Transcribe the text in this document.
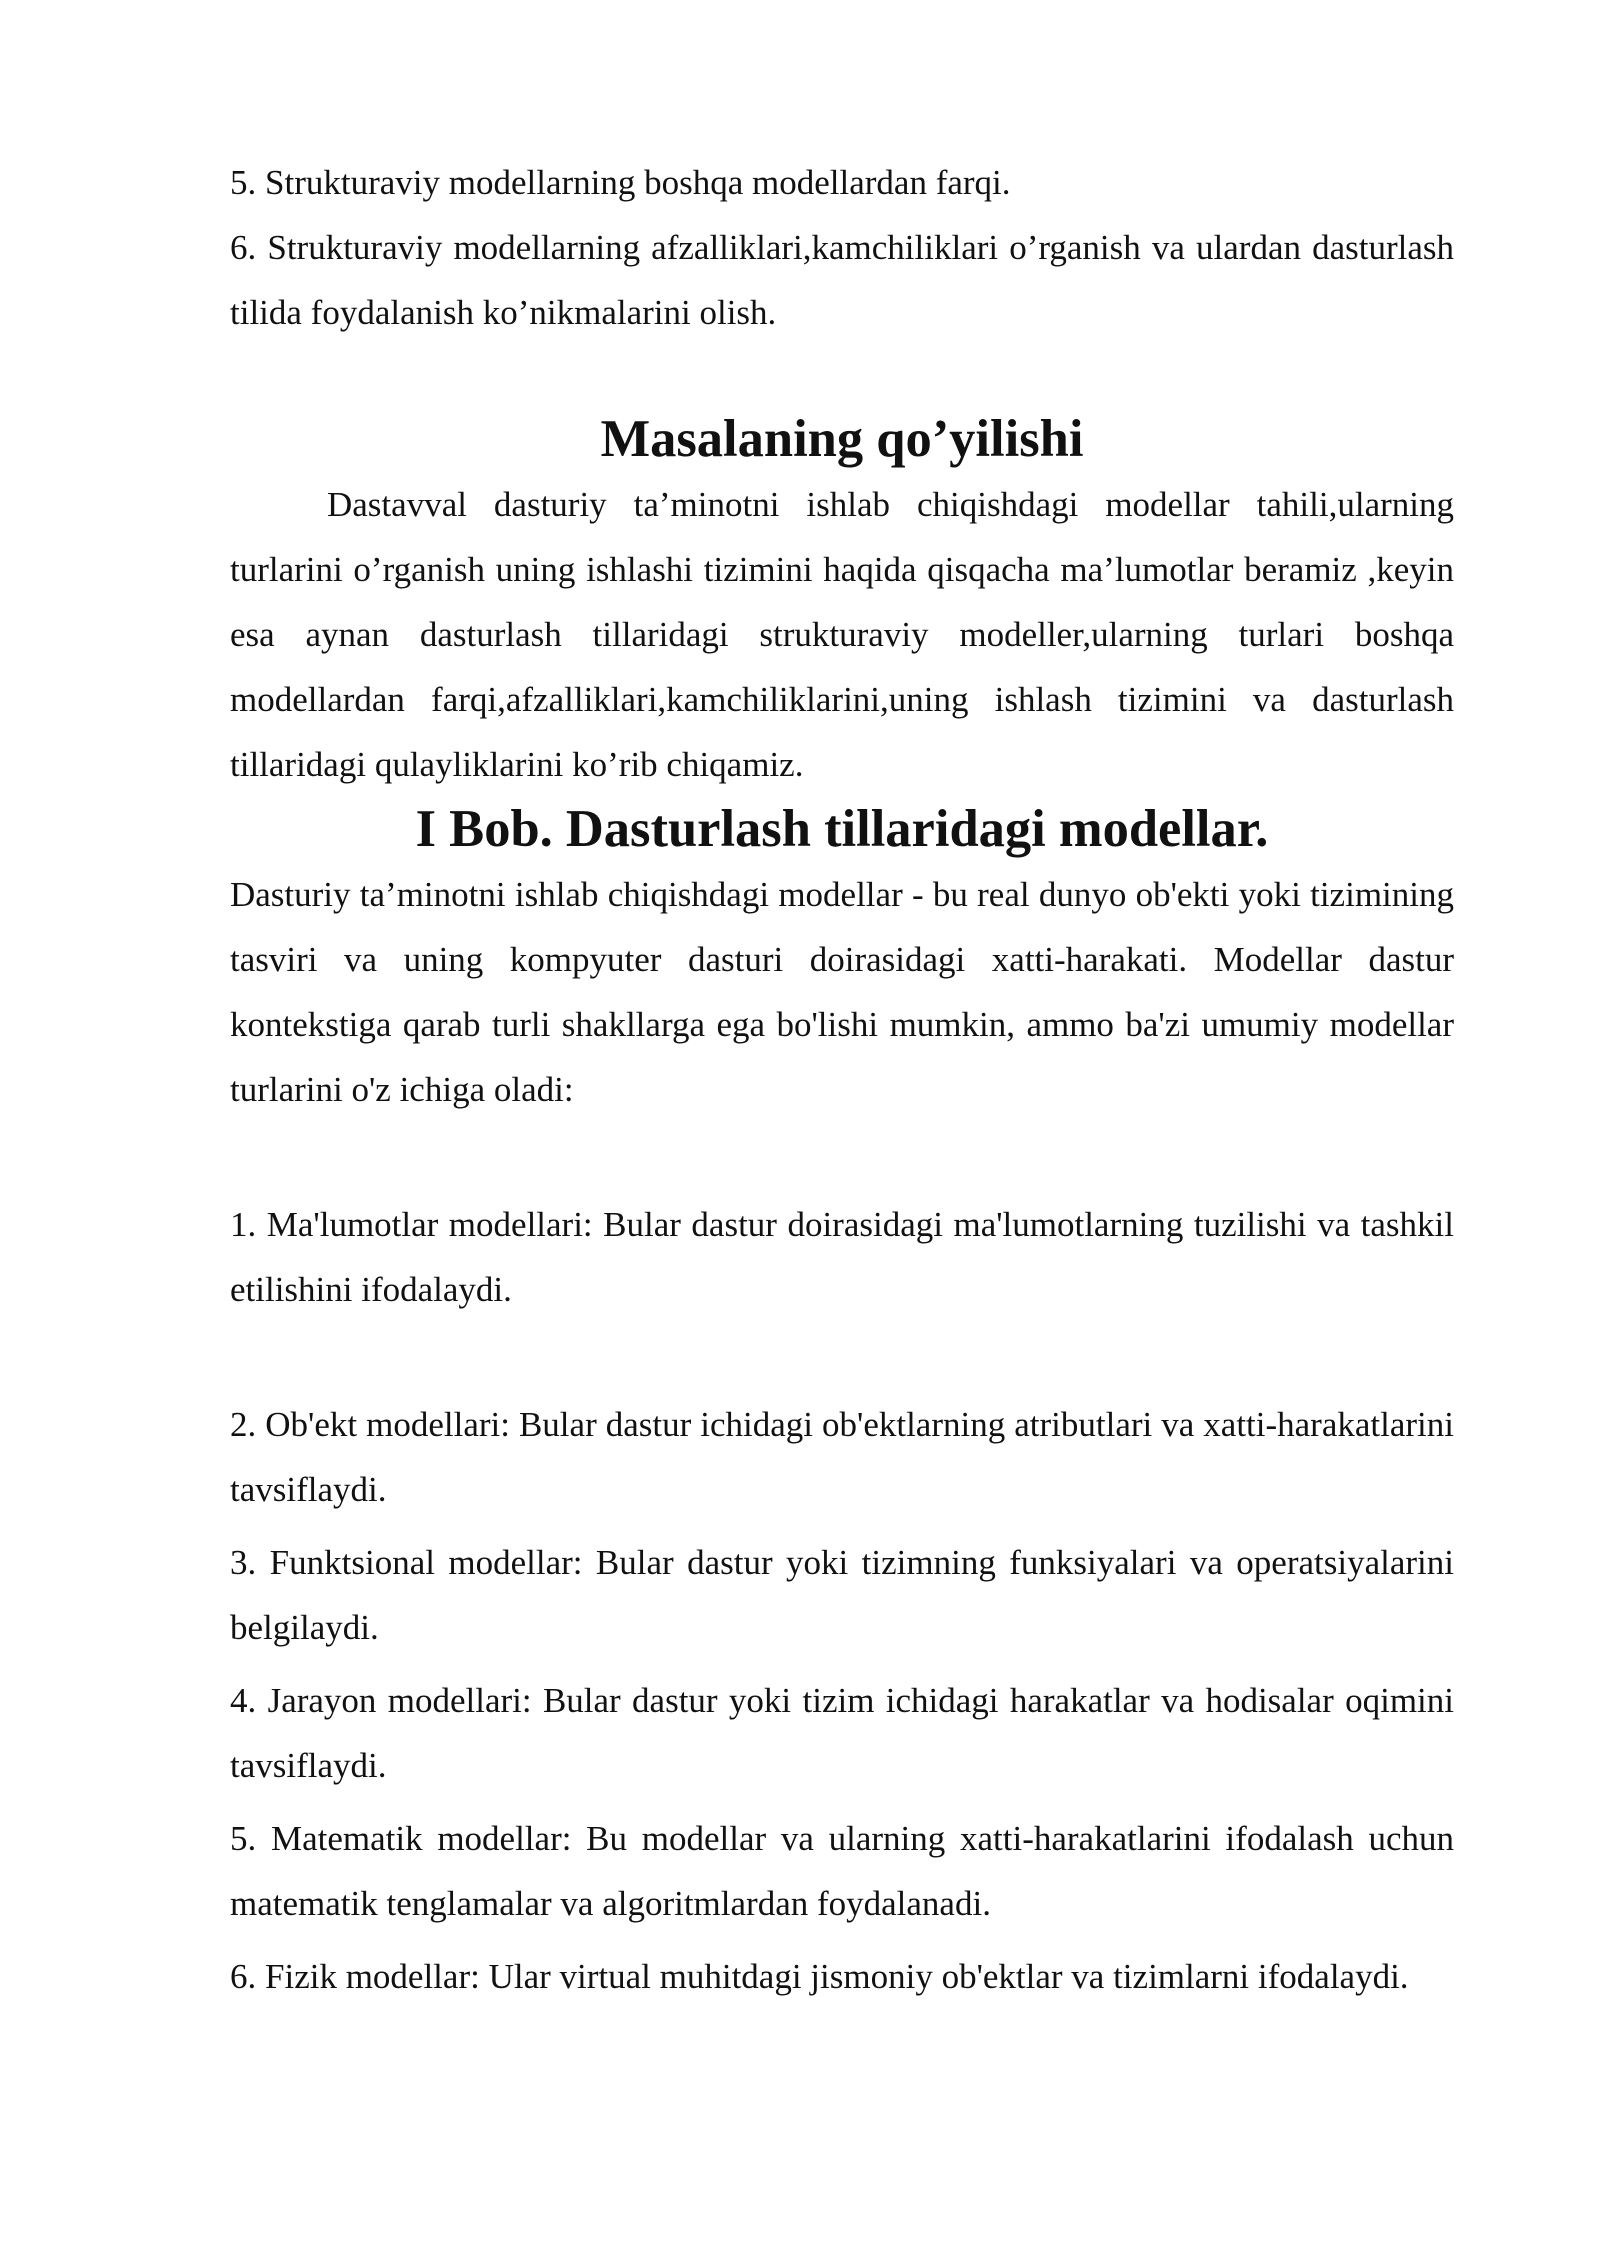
5. Strukturaviy modellarning boshqa modellardan farqi.

6. Strukturaviy modellarning afzalliklari,kamchiliklari o’rganish va ulardan dasturlash tilida foydalanish ko’nikmalarini olish.

Masalaning qo’yilishi

Dastavval dasturiy ta’minotni ishlab chiqishdagi modellar tahili,ularning turlarini o’rganish uning ishlashi tizimini haqida qisqacha ma’lumotlar beramiz ,keyin esa aynan dasturlash tillaridagi strukturaviy modeller,ularning turlari boshqa modellardan farqi,afzalliklari,kamchiliklarini,uning ishlash tizimini va dasturlash tillaridagi qulayliklarini ko’rib chiqamiz.

I Bob. Dasturlash tillaridagi modellar.

Dasturiy ta’minotni ishlab chiqishdagi modellar - bu real dunyo ob'ekti yoki tizimining tasviri va uning kompyuter dasturi doirasidagi xatti-harakati. Modellar dastur kontekstiga qarab turli shakllarga ega bo'lishi mumkin, ammo ba'zi umumiy modellar turlarini o'z ichiga oladi:

1. Ma'lumotlar modellari: Bular dastur doirasidagi ma'lumotlarning tuzilishi va tashkil etilishini ifodalaydi.

2. Ob'ekt modellari: Bular dastur ichidagi ob'ektlarning atributlari va xatti-harakatlarini tavsiflaydi.

3. Funktsional modellar: Bular dastur yoki tizimning funksiyalari va operatsiyalarini belgilaydi.

4. Jarayon modellari: Bular dastur yoki tizim ichidagi harakatlar va hodisalar oqimini tavsiflaydi.

5. Matematik modellar: Bu modellar va ularning xatti-harakatlarini ifodalash uchun matematik tenglamalar va algoritmlardan foydalanadi.

6. Fizik modellar: Ular virtual muhitdagi jismoniy ob'ektlar va tizimlarni ifodalaydi.
